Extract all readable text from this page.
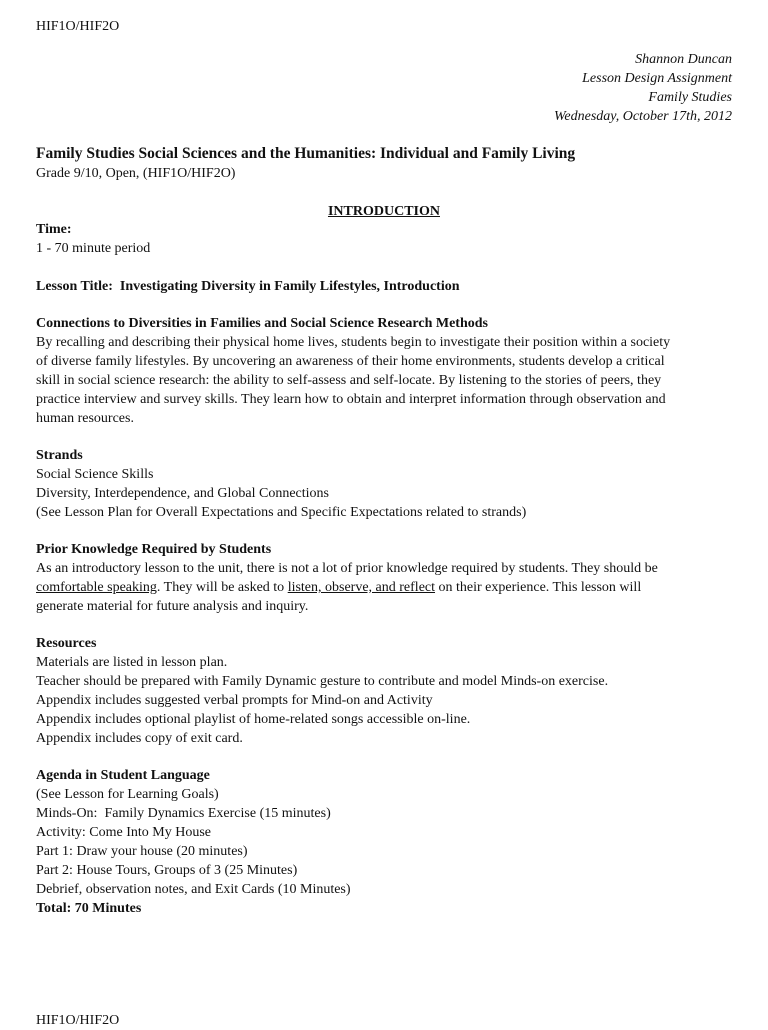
HIF1O/HIF2O
Shannon Duncan
Lesson Design Assignment
Family Studies
Wednesday, October 17th, 2012
Family Studies Social Sciences and the Humanities: Individual and Family Living
Grade 9/10, Open, (HIF1O/HIF2O)
INTRODUCTION
Time:
1 - 70 minute period
Lesson Title: Investigating Diversity in Family Lifestyles, Introduction
Connections to Diversities in Families and Social Science Research Methods

By recalling and describing their physical home lives, students begin to investigate their position within a society

of diverse family lifestyles. By uncovering an awareness of their home environments, students develop a critical

skill in social science research: the ability to self-assess and self-locate. By listening to the stories of peers, they

practice interview and survey skills. They learn how to obtain and interpret information through observation and

human resources.

Strands

Social Science Skills

Diversity, Interdependence, and Global Connections

(See Lesson Plan for Overall Expectations and Specific Expectations related to strands)

Prior Knowledge Required by Students

As an introductory lesson to the unit, there is not a lot of prior knowledge required by students. They should be

comfortable speaking. They will be asked to listen, observe, and reflect on their experience. This lesson will

generate material for future analysis and inquiry.

Resources

Materials are listed in lesson plan.

Teacher should be prepared with Family Dynamic gesture to contribute and model Minds-on exercise.

Appendix includes suggested verbal prompts for Mind-on and Activity

Appendix includes optional playlist of home-related songs accessible on-line.

Appendix includes copy of exit card.

Agenda in Student Language

(See Lesson for Learning Goals)

Minds-On:  Family Dynamics Exercise (15 minutes)

Activity: Come Into My House

Part 1: Draw your house (20 minutes)

Part 2: House Tours, Groups of 3 (25 Minutes)

Debrief, observation notes, and Exit Cards (10 Minutes)

Total: 70 Minutes

HIF1O/HIF2O
